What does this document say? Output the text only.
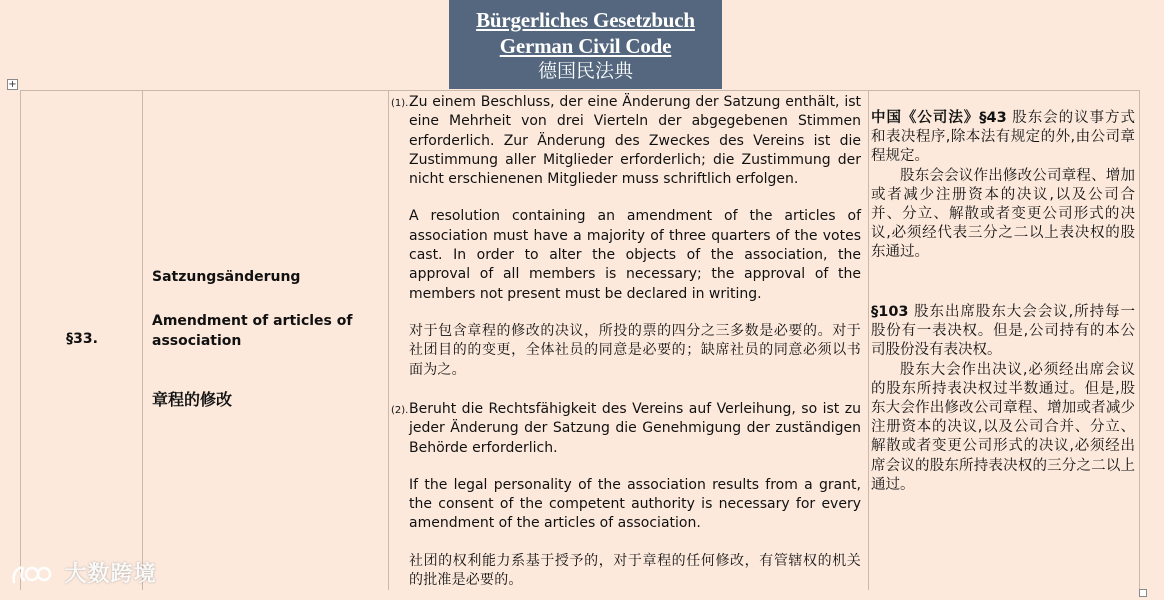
Bürgerliches Gesetzbuch
German Civil Code
德国民法典
+
§33.
Satzungsänderung
Amendment of articles of association
章程的修改
(1). Zu einem Beschluss, der eine Änderung der Satzung enthält, ist eine Mehrheit von drei Vierteln der abgegebenen Stimmen erforderlich. Zur Änderung des Zweckes des Vereins ist die Zustimmung aller Mitglieder erforderlich; die Zustimmung der nicht erschienenen Mitglieder muss schriftlich erfolgen.

A resolution containing an amendment of the articles of association must have a majority of three quarters of the votes cast. In order to alter the objects of the association, the approval of all members is necessary; the approval of the members not present must be declared in writing.

对于包含章程的修改的决议，所投的票的四分之三多数是必要的。对于社团目的的变更，全体社员的同意是必要的；缺席社员的同意必须以书面为之。

(2). Beruht die Rechtsfähigkeit des Vereins auf Verleihung, so ist zu jeder Änderung der Satzung die Genehmigung der zuständigen Behörde erforderlich.

If the legal personality of the association results from a grant, the consent of the competent authority is necessary for every amendment of the articles of association.

社团的权利能力系基于授予的，对于章程的任何修改，有管辖权的机关的批准是必要的。

中国《公司法》§43 股东会的议事方式和表决程序,除本法有规定的外,由公司章程规定。

股东会会议作出修改公司章程、增加或者减少注册资本的决议,以及公司合并、分立、解散或者变更公司形式的决议,必须经代表三分之二以上表决权的股东通过。

§103 股东出席股东大会会议,所持每一股份有一表决权。但是,公司持有的本公司股份没有表决权。

股东大会作出决议,必须经出席会议的股东所持表决权过半数通过。但是,股东大会作出修改公司章程、增加或者减少注册资本的决议,以及公司合并、分立、解散或者变更公司形式的决议,必须经出席会议的股东所持表决权的三分之二以上通过。

大数跨境
